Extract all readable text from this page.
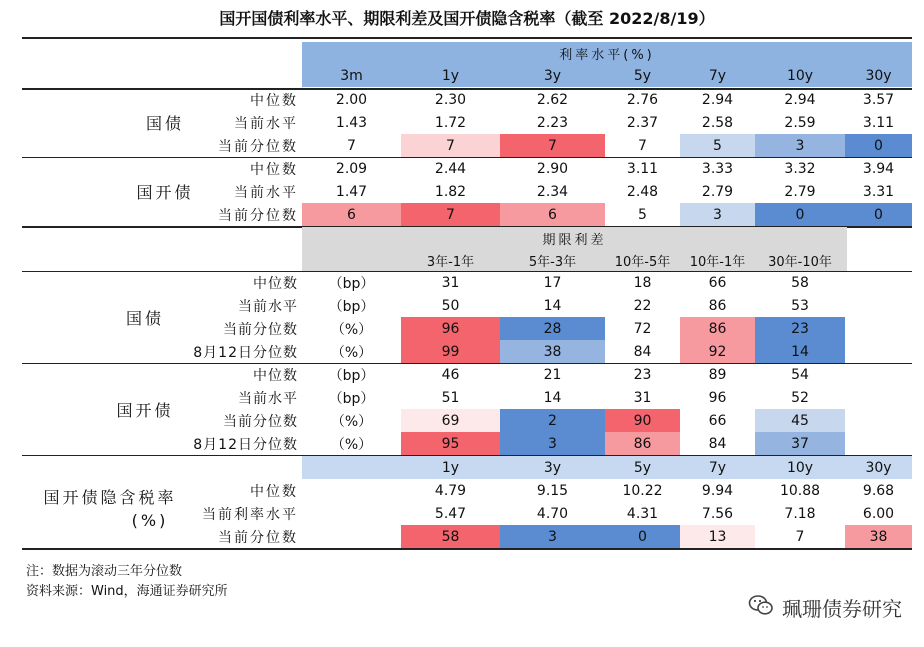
国开国债利率水平、期限利差及国开债隐含税率（截至 2022/8/19）
利率水平(%)
3m	1y	3y	5y	7y	10y	30y
国债
中位数	2.00	2.30	2.62	2.76	2.94	2.94	3.57
当前水平	1.43	1.72	2.23	2.37	2.58	2.59	3.11
当前分位数	7	7	7	7	5	3	0
国开债
中位数	2.09	2.44	2.90	3.11	3.33	3.32	3.94
当前水平	1.47	1.82	2.34	2.48	2.79	2.79	3.31
当前分位数	6	7	6	5	3	0	0
期限利差
3年-1年	5年-3年	10年-5年	10年-1年	30年-10年
国债
中位数	（bp）	31	17	18	66	58
当前水平	（bp）	50	14	22	86	53
当前分位数	（%）	96	28	72	86	23
8月12日分位数	（%）	99	38	84	92	14
国开债
中位数	（bp）	46	21	23	89	54
当前水平	（bp）	51	14	31	96	52
当前分位数	（%）	69	2	90	66	45
8月12日分位数	（%）	95	3	86	84	37
1y	3y	5y	7y	10y	30y
国开债隐含税率
(%)
中位数	4.79	9.15	10.22	9.94	10.88	9.68
当前利率水平	5.47	4.70	4.31	7.56	7.18	6.00
当前分位数	58	3	0	13	7	38
注：数据为滚动三年分位数
资料来源：Wind，海通证券研究所
珮珊债券研究
